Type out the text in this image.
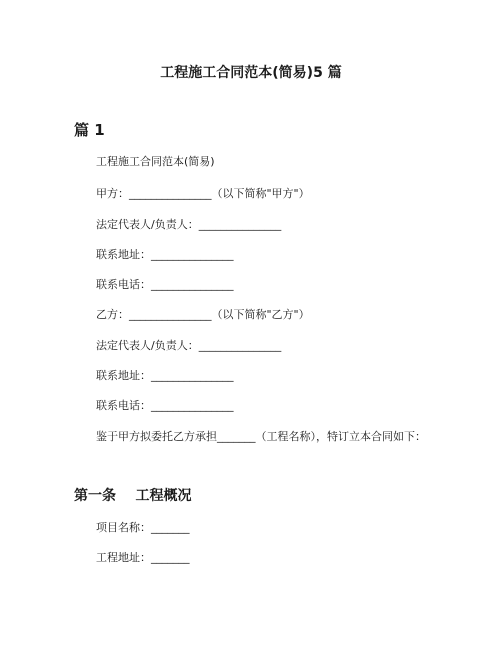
工程施工合同范本(简易)5 篇
篇 1
工程施工合同范本(简易)
甲方：_______________（以下简称"甲方"）
法定代表人/负责人：_______________
联系地址：_______________
联系电话：_______________
乙方：_______________（以下简称"乙方"）
法定代表人/负责人：_______________
联系地址：_______________
联系电话：_______________
鉴于甲方拟委托乙方承担_______（工程名称），特订立本合同如下：
第一条    工程概况
项目名称：_______
工程地址：_______
